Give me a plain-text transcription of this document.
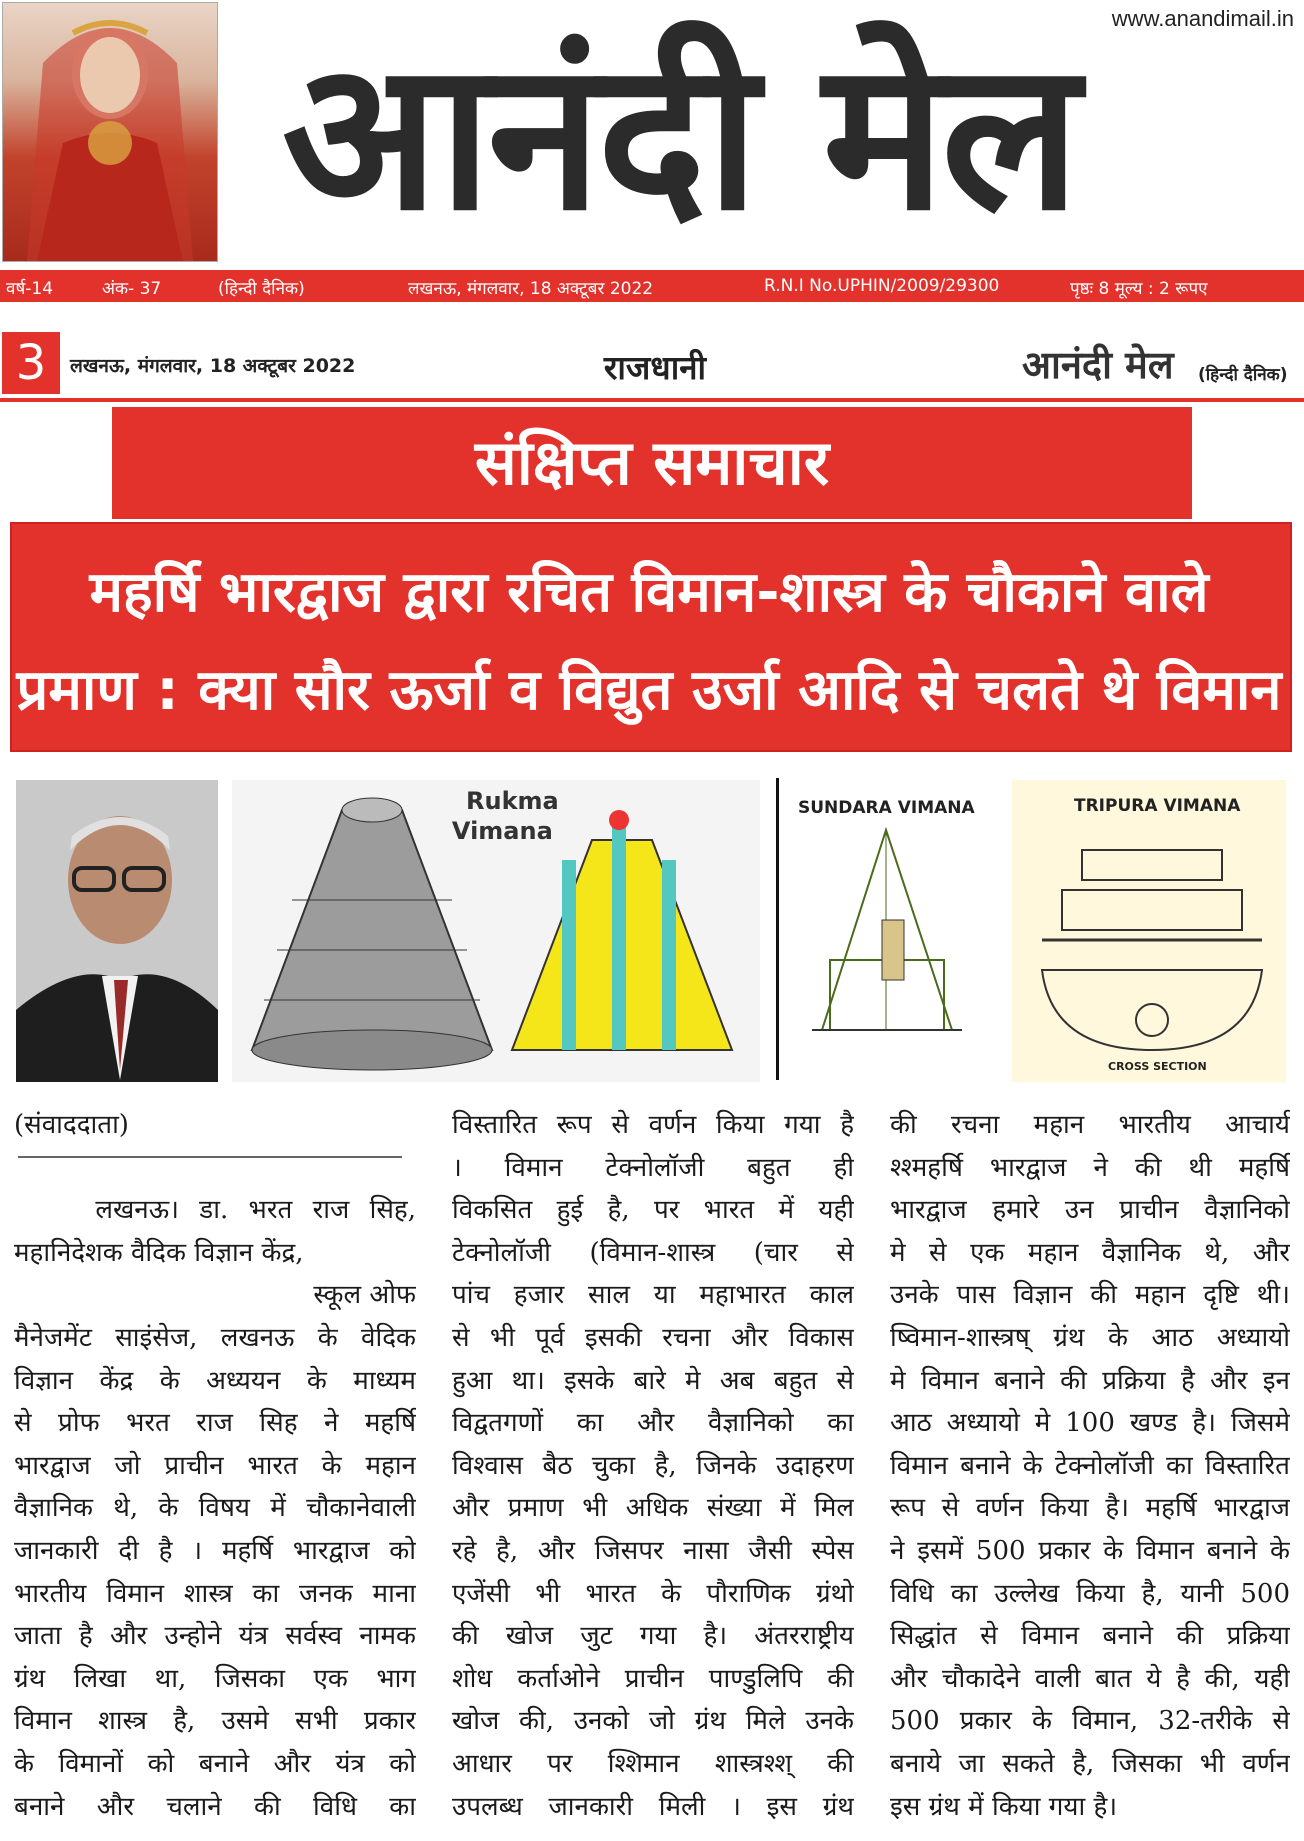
www.anandimail.in
आनंदी मेल
वर्ष-14	अंक- 37	(हिन्दी दैनिक)	लखनऊ, मंगलवार, 18 अक्टूबर 2022	R.N.I No.UPHIN/2009/29300	पृष्ठः 8 मूल्य : 2 रूपए
3	लखनऊ, मंगलवार, 18 अक्टूबर 2022	राजधानी	आनंदी मेल (हिन्दी दैनिक)
संक्षिप्त समाचार
महर्षि भारद्वाज द्वारा रचित विमान-शास्त्र के चौकाने वाले
प्रमाण : क्या सौर ऊर्जा व विद्युत उर्जा आदि से चलते थे विमान
Rukma
Vimana
SUNDARA VIMANA	TRIPURA VIMANA
CROSS SECTION
(संवाददाता)
लखनऊ। डा. भरत राज सिह,
महानिदेशक वैदिक विज्ञान केंद्र,
स्कूल ओफ
मैनेजमेंट साइंसेज, लखनऊ के वेदिक
विज्ञान केंद्र के अध्ययन के माध्यम
से प्रोफ भरत राज सिह ने महर्षि
भारद्वाज जो प्राचीन भारत के महान
वैज्ञानिक थे, के विषय में चौकानेवाली
जानकारी दी है । महर्षि भारद्वाज को
भारतीय विमान शास्त्र का जनक माना
जाता है और उन्होने यंत्र सर्वस्व नामक
ग्रंथ लिखा था, जिसका एक भाग
विमान शास्त्र है, उसमे सभी प्रकार
के विमानों को बनाने और यंत्र को
बनाने और चलाने की विधि का
विस्तारित रूप से वर्णन किया गया है
। विमान टेक्नोलॉजी बहुत ही
विकसित हुई है, पर भारत में यही
टेक्नोलॉजी (विमान-शास्त्र (चार से
पांच हजार साल या महाभारत काल
से भी पूर्व इसकी रचना और विकास
हुआ था। इसके बारे मे अब बहुत से
विद्वतगणों का और वैज्ञानिको का
विश्वास बैठ चुका है, जिनके उदाहरण
और प्रमाण भी अधिक संख्या में मिल
रहे है, और जिसपर नासा जैसी स्पेस
एजेंसी भी भारत के पौराणिक ग्रंथो
की खोज जुट गया है। अंतरराष्ट्रीय
शोध कर्ताओने प्राचीन पाण्डुलिपि की
खोज की, उनको जो ग्रंथ मिले उनके
आधार पर श्शिमान शास्त्रश्श् की
उपलब्ध जानकारी मिली । इस ग्रंथ
की रचना महान भारतीय आचार्य
श्श्महर्षि भारद्वाज ने की थी महर्षि
भारद्वाज हमारे उन प्राचीन वैज्ञानिको
मे से एक महान वैज्ञानिक थे, और
उनके पास विज्ञान की महान दृष्टि थी।
ष्विमान-शास्त्रष् ग्रंथ के आठ अध्यायो
मे विमान बनाने की प्रक्रिया है और इन
आठ अध्यायो मे 100 खण्ड है। जिसमे
विमान बनाने के टेक्नोलॉजी का विस्तारित
रूप से वर्णन किया है। महर्षि भारद्वाज
ने इसमें 500 प्रकार के विमान बनाने के
विधि का उल्लेख किया है, यानी 500
सिद्धांत से विमान बनाने की प्रक्रिया
और चौकादेने वाली बात ये है की, यही
500 प्रकार के विमान, 32-तरीके से
बनाये जा सकते है, जिसका भी वर्णन
इस ग्रंथ में किया गया है।
